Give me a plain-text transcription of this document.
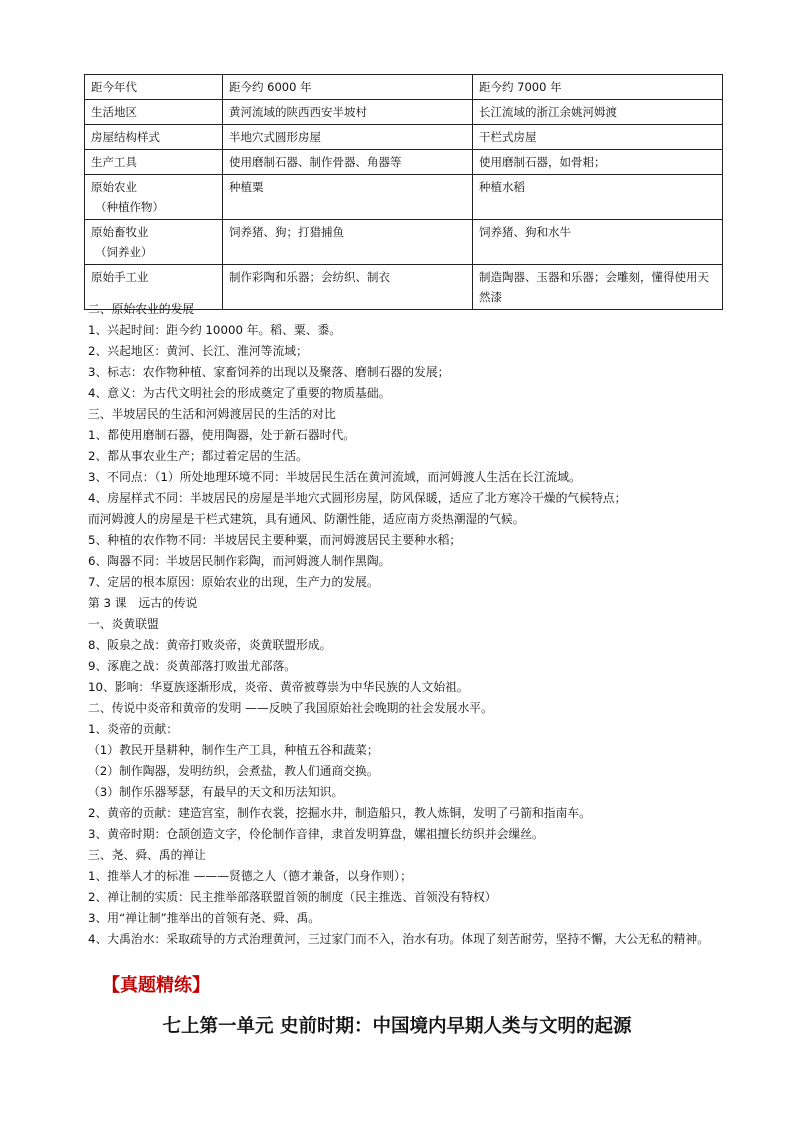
距今年代	距今约 6000 年	距今约 7000 年

生活地区	黄河流域的陕西西安半坡村	长江流域的浙江余姚河姆渡

房屋结构样式	半地穴式圆形房屋	干栏式房屋

生产工具	使用磨制石器、制作骨器、角器等	使用磨制石器，如骨耜；

原始农业
（种植作物）	种植粟	种植水稻

原始畜牧业
（饲养业）	饲养猪、狗；打猎捕鱼	饲养猪、狗和水牛

原始手工业	制作彩陶和乐器；会纺织、制衣	制造陶器、玉器和乐器；会雕刻，懂得使用天然漆
二、原始农业的发展
1、兴起时间：距今约 10000 年。稻、粟、黍。
2、兴起地区：黄河、长江、淮河等流域；
3、标志：农作物种植、家畜饲养的出现以及聚落、磨制石器的发展；
4、意义：为古代文明社会的形成奠定了重要的物质基础。
三、半坡居民的生活和河姆渡居民的生活的对比
1、都使用磨制石器，使用陶器，处于新石器时代。
2、都从事农业生产；都过着定居的生活。
3、不同点：（1）所处地理环境不同：半坡居民生活在黄河流域，而河姆渡人生活在长江流域。
4、房屋样式不同：半坡居民的房屋是半地穴式圆形房屋，防风保暖，适应了北方寒冷干燥的气候特点；
而河姆渡人的房屋是干栏式建筑，具有通风、防潮性能，适应南方炎热潮湿的气候。
5、种植的农作物不同：半坡居民主要种粟，而河姆渡居民主要种水稻；
6、陶器不同：半坡居民制作彩陶，而河姆渡人制作黑陶。
7、定居的根本原因：原始农业的出现，生产力的发展。
第 3 课　远古的传说
一、炎黄联盟
8、阪泉之战：黄帝打败炎帝，炎黄联盟形成。
9、涿鹿之战：炎黄部落打败蚩尤部落。
10、影响：华夏族逐渐形成，炎帝、黄帝被尊崇为中华民族的人文始祖。
二、传说中炎帝和黄帝的发明 ——反映了我国原始社会晚期的社会发展水平。
1、炎帝的贡献：
（1）教民开垦耕种，制作生产工具，种植五谷和蔬菜；
（2）制作陶器，发明纺织，会煮盐，教人们通商交换。
（3）制作乐器琴瑟，有最早的天文和历法知识。
2、黄帝的贡献：建造宫室，制作衣裳，挖掘水井，制造船只，教人炼铜，发明了弓箭和指南车。
3、黄帝时期：仓颉创造文字，伶伦制作音律，隶首发明算盘，嫘祖擅长纺织并会缫丝。
三、尧、舜、禹的禅让
1、推举人才的标准 ———贤德之人（德才兼备，以身作则）；
2、禅让制的实质：民主推举部落联盟首领的制度（民主推选、首领没有特权）
3、用“禅让制”推举出的首领有尧、舜、禹。
4、大禹治水：采取疏导的方式治理黄河，三过家门而不入，治水有功。体现了刻苦耐劳，坚持不懈，大公无私的精神。
【真题精练】
七上第一单元 史前时期：中国境内早期人类与文明的起源
